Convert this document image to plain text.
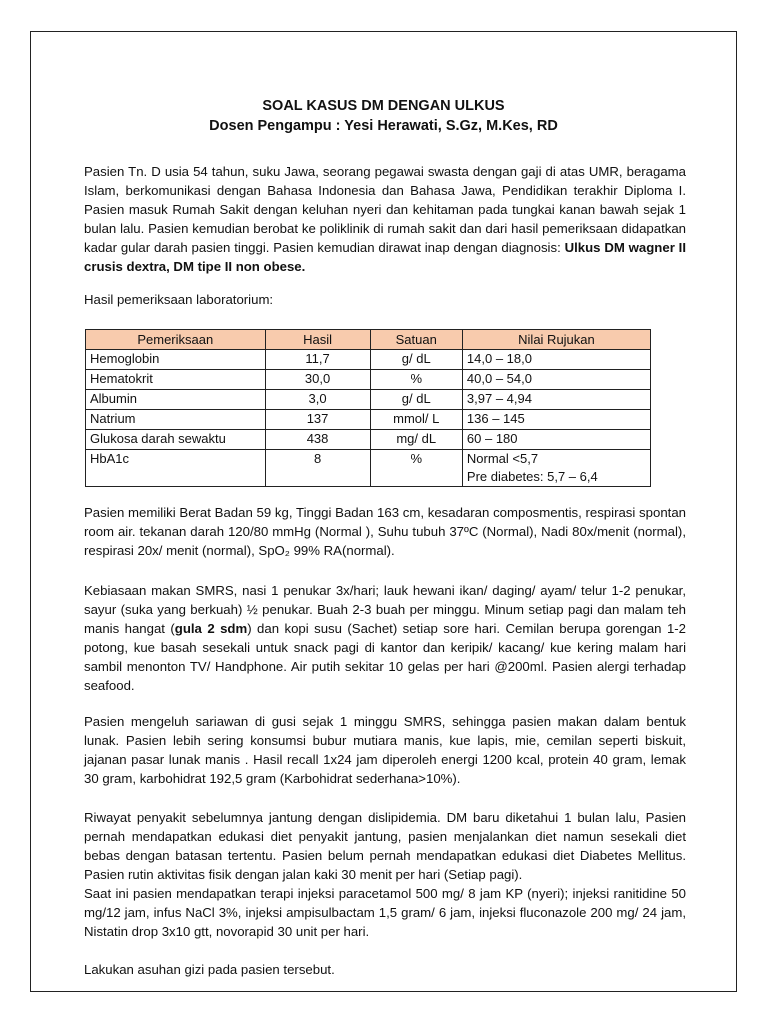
SOAL KASUS DM DENGAN ULKUS

Dosen Pengampu : Yesi Herawati, S.Gz, M.Kes, RD

Pasien Tn. D usia 54 tahun, suku Jawa, seorang pegawai swasta dengan gaji di atas UMR, beragama Islam, berkomunikasi dengan Bahasa Indonesia dan Bahasa Jawa, Pendidikan terakhir Diploma I. Pasien masuk Rumah Sakit dengan keluhan nyeri dan kehitaman pada tungkai kanan bawah sejak 1 bulan lalu. Pasien kemudian berobat ke poliklinik di rumah sakit dan dari hasil pemeriksaan didapatkan kadar gular darah pasien tinggi. Pasien kemudian dirawat inap dengan diagnosis: Ulkus DM wagner II crusis dextra, DM tipe II non obese.

Hasil pemeriksaan laboratorium:

Pemeriksaan	Hasil	Satuan	Nilai Rujukan
Hemoglobin	11,7	g/ dL	14,0 – 18,0
Hematokrit	30,0	%	40,0 – 54,0
Albumin	3,0	g/ dL	3,97 – 4,94
Natrium	137	mmol/ L	136 – 145
Glukosa darah sewaktu	438	mg/ dL	60 – 180
HbA1c	8	%	Normal <5,7
Pre diabetes: 5,7 – 6,4

Pasien memiliki Berat Badan 59 kg, Tinggi Badan 163 cm, kesadaran composmentis, respirasi spontan room air. tekanan darah 120/80 mmHg (Normal ), Suhu tubuh 37ºC (Normal), Nadi 80x/menit (normal), respirasi 20x/ menit (normal), SpO₂ 99% RA(normal).

Kebiasaan makan SMRS, nasi 1 penukar 3x/hari; lauk hewani ikan/ daging/ ayam/ telur 1-2 penukar, sayur (suka yang berkuah) ½ penukar. Buah 2-3 buah per minggu. Minum setiap pagi dan malam teh manis hangat (gula 2 sdm) dan kopi susu (Sachet) setiap sore hari. Cemilan berupa gorengan 1-2 potong, kue basah sesekali untuk snack pagi di kantor dan keripik/ kacang/ kue kering malam hari sambil menonton TV/ Handphone. Air putih sekitar 10 gelas per hari @200ml. Pasien alergi terhadap seafood.

Pasien mengeluh sariawan di gusi sejak 1 minggu SMRS, sehingga pasien makan dalam bentuk lunak. Pasien lebih sering konsumsi bubur mutiara manis, kue lapis, mie, cemilan seperti biskuit, jajanan pasar lunak manis . Hasil recall 1x24 jam diperoleh energi 1200 kcal, protein 40 gram, lemak 30 gram, karbohidrat 192,5 gram (Karbohidrat sederhana>10%).

Riwayat penyakit sebelumnya jantung dengan dislipidemia. DM baru diketahui 1 bulan lalu, Pasien pernah mendapatkan edukasi diet penyakit jantung, pasien menjalankan diet namun sesekali diet bebas dengan batasan tertentu. Pasien belum pernah mendapatkan edukasi diet Diabetes Mellitus. Pasien rutin aktivitas fisik dengan jalan kaki 30 menit per hari (Setiap pagi).

Saat ini pasien mendapatkan terapi injeksi paracetamol 500 mg/ 8 jam KP (nyeri); injeksi ranitidine 50 mg/12 jam, infus NaCl 3%, injeksi ampisulbactam 1,5 gram/ 6 jam, injeksi fluconazole 200 mg/ 24 jam, Nistatin drop 3x10 gtt, novorapid 30 unit per hari.

Lakukan asuhan gizi pada pasien tersebut.
